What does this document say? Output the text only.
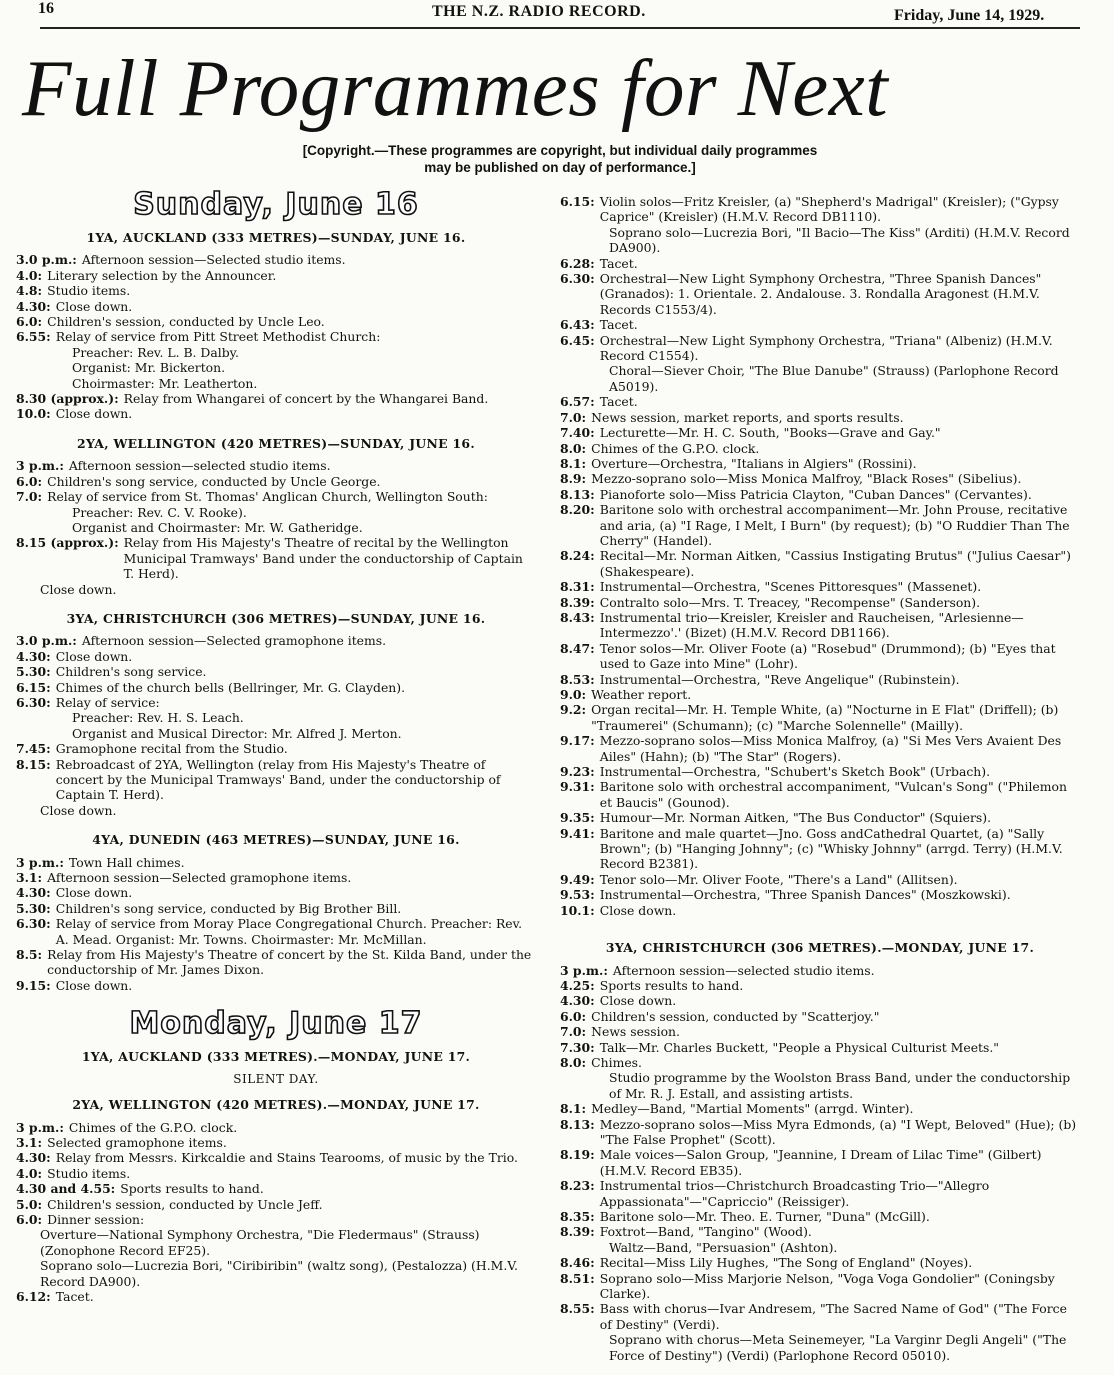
16	THE N.Z. RADIO RECORD.	Friday, June 14, 1929.
Full Programmes for Next
[Copyright.—These programmes are copyright, but individual daily programmes may be published on day of performance.]
Sunday, June 16
1YA, AUCKLAND (333 METRES)—SUNDAY, JUNE 16.
3.0 p.m.: Afternoon session—Selected studio items.
4.0: Literary selection by the Announcer.
4.8: Studio items.
4.30: Close down.
6.0: Children's session, conducted by Uncle Leo.
6.55: Relay of service from Pitt Street Methodist Church:
Preacher: Rev. L. B. Dalby.
Organist: Mr. Bickerton.
Choirmaster: Mr. Leatherton.
8.30 (approx.): Relay from Whangarei of concert by the Whangarei Band.
10.0: Close down.
2YA, WELLINGTON (420 METRES)—SUNDAY, JUNE 16.
3 p.m.: Afternoon session—selected studio items.
6.0: Children's song service, conducted by Uncle George.
7.0: Relay of service from St. Thomas' Anglican Church, Wellington South:
Preacher: Rev. C. V. Rooke).
Organist and Choirmaster: Mr. W. Gatheridge.
8.15 (approx.): Relay from His Majesty's Theatre of recital by the Wellington Municipal Tramways' Band under the conductorship of Captain T. Herd).
Close down.
3YA, CHRISTCHURCH (306 METRES)—SUNDAY, JUNE 16.
3.0 p.m.: Afternoon session—Selected gramophone items.
4.30: Close down.
5.30: Children's song service.
6.15: Chimes of the church bells (Bellringer, Mr. G. Clayden).
6.30: Relay of service:
Preacher: Rev. H. S. Leach.
Organist and Musical Director: Mr. Alfred J. Merton.
7.45: Gramophone recital from the Studio.
8.15: Rebroadcast of 2YA, Wellington (relay from His Majesty's Theatre of concert by the Municipal Tramways' Band, under the conductorship of Captain T. Herd).
Close down.
4YA, DUNEDIN (463 METRES)—SUNDAY, JUNE 16.
3 p.m.: Town Hall chimes.
3.1: Afternoon session—Selected gramophone items.
4.30: Close down.
5.30: Children's song service, conducted by Big Brother Bill.
6.30: Relay of service from Moray Place Congregational Church. Preacher: Rev. A. Mead. Organist: Mr. Towns. Choirmaster: Mr. McMillan.
8.5: Relay from His Majesty's Theatre of concert by the St. Kilda Band, under the conductorship of Mr. James Dixon.
9.15: Close down.
Monday, June 17
1YA, AUCKLAND (333 METRES).—MONDAY, JUNE 17.
SILENT DAY.
2YA, WELLINGTON (420 METRES).—MONDAY, JUNE 17.
3 p.m.: Chimes of the G.P.O. clock.
3.1: Selected gramophone items.
4.30: Relay from Messrs. Kirkcaldie and Stains Tearooms, of music by the Trio.
4.0: Studio items.
4.30 and 4.55: Sports results to hand.
5.0: Children's session, conducted by Uncle Jeff.
6.0: Dinner session:
Overture—National Symphony Orchestra, "Die Fledermaus" (Strauss) (Zonophone Record EF25).
Soprano solo—Lucrezia Bori, "Ciribiribin" (waltz song), (Pestalozza) (H.M.V. Record DA900).
6.12: Tacet.
6.15: Violin solos—Fritz Kreisler, (a) "Shepherd's Madrigal" (Kreisler); ("Gypsy Caprice" (Kreisler) (H.M.V. Record DB1110).
Soprano solo—Lucrezia Bori, "Il Bacio—The Kiss" (Arditi) (H.M.V. Record DA900).
6.28: Tacet.
6.30: Orchestral—New Light Symphony Orchestra, "Three Spanish Dances" (Granados): 1. Orientale. 2. Andalouse. 3. Rondalla Aragonest (H.M.V. Records C1553/4).
6.43: Tacet.
6.45: Orchestral—New Light Symphony Orchestra, "Triana" (Albeniz) (H.M.V. Record C1554).
Choral—Siever Choir, "The Blue Danube" (Strauss) (Parlophone Record A5019).
6.57: Tacet.
7.0: News session, market reports, and sports results.
7.40: Lecturette—Mr. H. C. South, "Books—Grave and Gay."
8.0: Chimes of the G.P.O. clock.
8.1: Overture—Orchestra, "Italians in Algiers" (Rossini).
8.9: Mezzo-soprano solo—Miss Monica Malfroy, "Black Roses" (Sibelius).
8.13: Pianoforte solo—Miss Patricia Clayton, "Cuban Dances" (Cervantes).
8.20: Baritone solo with orchestral accompaniment—Mr. John Prouse, recitative and aria, (a) "I Rage, I Melt, I Burn" (by request); (b) "O Ruddier Than The Cherry" (Handel).
8.24: Recital—Mr. Norman Aitken, "Cassius Instigating Brutus" ("Julius Caesar") (Shakespeare).
8.31: Instrumental—Orchestra, "Scenes Pittoresques" (Massenet).
8.39: Contralto solo—Mrs. T. Treacey, "Recompense" (Sanderson).
8.43: Instrumental trio—Kreisler, Kreisler and Raucheisen, "Arlesienne—Intermezzo'.' (Bizet) (H.M.V. Record DB1166).
8.47: Tenor solos—Mr. Oliver Foote (a) "Rosebud" (Drummond); (b) "Eyes that used to Gaze into Mine" (Lohr).
8.53: Instrumental—Orchestra, "Reve Angelique" (Rubinstein).
9.0: Weather report.
9.2: Organ recital—Mr. H. Temple White, (a) "Nocturne in E Flat" (Driffell); (b) "Traumerei" (Schumann); (c) "Marche Solennelle" (Mailly).
9.17: Mezzo-soprano solos—Miss Monica Malfroy, (a) "Si Mes Vers Avaient Des Ailes" (Hahn); (b) "The Star" (Rogers).
9.23: Instrumental—Orchestra, "Schubert's Sketch Book" (Urbach).
9.31: Baritone solo with orchestral accompaniment, "Vulcan's Song" ("Philemon et Baucis" (Gounod).
9.35: Humour—Mr. Norman Aitken, "The Bus Conductor" (Squiers).
9.41: Baritone and male quartet—Jno. Goss andCathedral Quartet, (a) "Sally Brown"; (b) "Hanging Johnny"; (c) "Whisky Johnny" (arrgd. Terry) (H.M.V. Record B2381).
9.49: Tenor solo—Mr. Oliver Foote, "There's a Land" (Allitsen).
9.53: Instrumental—Orchestra, "Three Spanish Dances" (Moszkowski).
10.1: Close down.
3YA, CHRISTCHURCH (306 METRES).—MONDAY, JUNE 17.
3 p.m.: Afternoon session—selected studio items.
4.25: Sports results to hand.
4.30: Close down.
6.0: Children's session, conducted by "Scatterjoy."
7.0: News session.
7.30: Talk—Mr. Charles Buckett, "People a Physical Culturist Meets."
8.0: Chimes.
Studio programme by the Woolston Brass Band, under the conductorship of Mr. R. J. Estall, and assisting artists.
8.1: Medley—Band, "Martial Moments" (arrgd. Winter).
8.13: Mezzo-soprano solos—Miss Myra Edmonds, (a) "I Wept, Beloved" (Hue); (b) "The False Prophet" (Scott).
8.19: Male voices—Salon Group, "Jeannine, I Dream of Lilac Time" (Gilbert) (H.M.V. Record EB35).
8.23: Instrumental trios—Christchurch Broadcasting Trio—"Allegro Appassionata"—"Capriccio" (Reissiger).
8.35: Baritone solo—Mr. Theo. E. Turner, "Duna" (McGill).
8.39: Foxtrot—Band, "Tangino" (Wood).
Waltz—Band, "Persuasion" (Ashton).
8.46: Recital—Miss Lily Hughes, "The Song of England" (Noyes).
8.51: Soprano solo—Miss Marjorie Nelson, "Voga Voga Gondolier" (Coningsby Clarke).
8.55: Bass with chorus—Ivar Andresem, "The Sacred Name of God" ("The Force of Destiny" (Verdi).
Soprano with chorus—Meta Seinemeyer, "La Varginr Degli Angeli" ("The Force of Destiny") (Verdi) (Parlophone Record 05010).
